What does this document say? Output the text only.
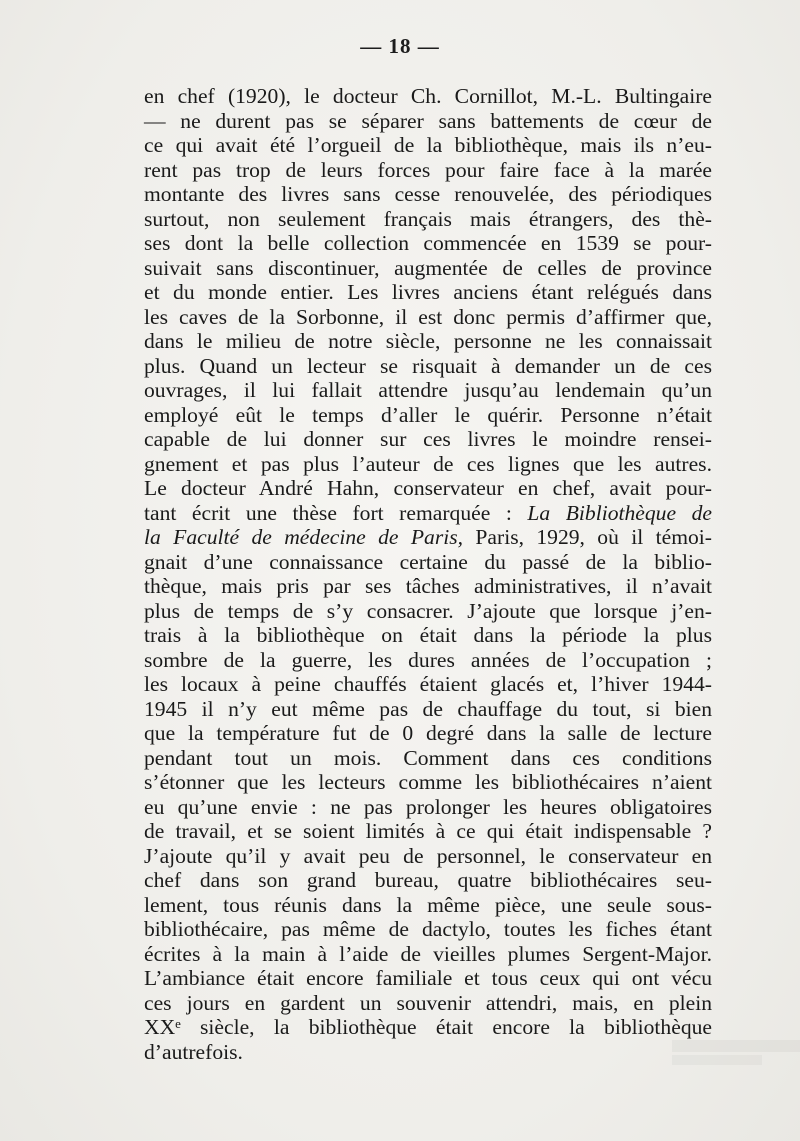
— 18 —
en chef (1920), le docteur Ch. Cornillot, M.-L. Bultingaire
— ne durent pas se séparer sans battements de cœur de
ce qui avait été l’orgueil de la bibliothèque, mais ils n’eu-
rent pas trop de leurs forces pour faire face à la marée
montante des livres sans cesse renouvelée, des périodiques
surtout, non seulement français mais étrangers, des thè-
ses dont la belle collection commencée en 1539 se pour-
suivait sans discontinuer, augmentée de celles de province
et du monde entier. Les livres anciens étant relégués dans
les caves de la Sorbonne, il est donc permis d’affirmer que,
dans le milieu de notre siècle, personne ne les connaissait
plus. Quand un lecteur se risquait à demander un de ces
ouvrages, il lui fallait attendre jusqu’au lendemain qu’un
employé eût le temps d’aller le quérir. Personne n’était
capable de lui donner sur ces livres le moindre rensei-
gnement et pas plus l’auteur de ces lignes que les autres.
Le docteur André Hahn, conservateur en chef, avait pour-
tant écrit une thèse fort remarquée : La Bibliothèque de
la Faculté de médecine de Paris, Paris, 1929, où il témoi-
gnait d’une connaissance certaine du passé de la biblio-
thèque, mais pris par ses tâches administratives, il n’avait
plus de temps de s’y consacrer. J’ajoute que lorsque j’en-
trais à la bibliothèque on était dans la période la plus
sombre de la guerre, les dures années de l’occupation ;
les locaux à peine chauffés étaient glacés et, l’hiver 1944-
1945 il n’y eut même pas de chauffage du tout, si bien
que la température fut de 0 degré dans la salle de lecture
pendant tout un mois. Comment dans ces conditions
s’étonner que les lecteurs comme les bibliothécaires n’aient
eu qu’une envie : ne pas prolonger les heures obligatoires
de travail, et se soient limités à ce qui était indispensable ?
J’ajoute qu’il y avait peu de personnel, le conservateur en
chef dans son grand bureau, quatre bibliothécaires seu-
lement, tous réunis dans la même pièce, une seule sous-
bibliothécaire, pas même de dactylo, toutes les fiches étant
écrites à la main à l’aide de vieilles plumes Sergent-Major.
L’ambiance était encore familiale et tous ceux qui ont vécu
ces jours en gardent un souvenir attendri, mais, en plein
XXᵉ siècle, la bibliothèque était encore la bibliothèque
d’autrefois.
